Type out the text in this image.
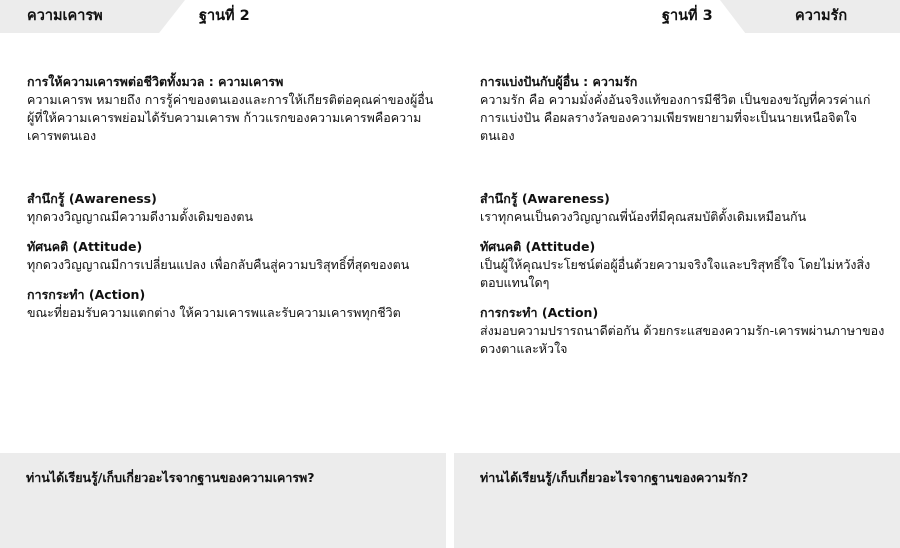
ความเคารพ	ฐานที่ 2	ฐานที่ 3	ความรัก
การให้ความเคารพต่อชีวิตทั้งมวล : ความเคารพ

ความเคารพ หมายถึง การรู้ค่าของตนเองและการให้เกียรติต่อคุณค่าของผู้อื่น ผู้ที่ให้ความเคารพย่อมได้รับความเคารพ ก้าวแรกของความเคารพคือความเคารพตนเอง

สำนึกรู้ (Awareness)
ทุกดวงวิญญาณมีความดีงามดั้งเดิมของตน
ทัศนคติ (Attitude)
ทุกดวงวิญญาณมีการเปลี่ยนแปลง เพื่อกลับคืนสู่ความบริสุทธิ์ที่สุดของตน
การกระทำ (Action)
ขณะที่ยอมรับความแตกต่าง ให้ความเคารพและรับความเคารพทุกชีวิต
การแบ่งปันกับผู้อื่น : ความรัก

ความรัก คือ ความมั่งคั่งอันจริงแท้ของการมีชีวิต เป็นของขวัญที่ควรค่าแก่การแบ่งปัน คือผลรางวัลของความเพียรพยายามที่จะเป็นนายเหนือจิตใจตนเอง

สำนึกรู้ (Awareness)
เราทุกคนเป็นดวงวิญญาณพี่น้องที่มีคุณสมบัติดั้งเดิมเหมือนกัน
ทัศนคติ (Attitude)
เป็นผู้ให้คุณประโยชน์ต่อผู้อื่นด้วยความจริงใจและบริสุทธิ์ใจ โดยไม่หวังสิ่งตอบแทนใดๆ
การกระทำ (Action)
ส่งมอบความปรารถนาดีต่อกัน ด้วยกระแสของความรัก-เคารพผ่านภาษาของดวงตาและหัวใจ
ท่านได้เรียนรู้/เก็บเกี่ยวอะไรจากฐานของความเคารพ?	ท่านได้เรียนรู้/เก็บเกี่ยวอะไรจากฐานของความรัก?
